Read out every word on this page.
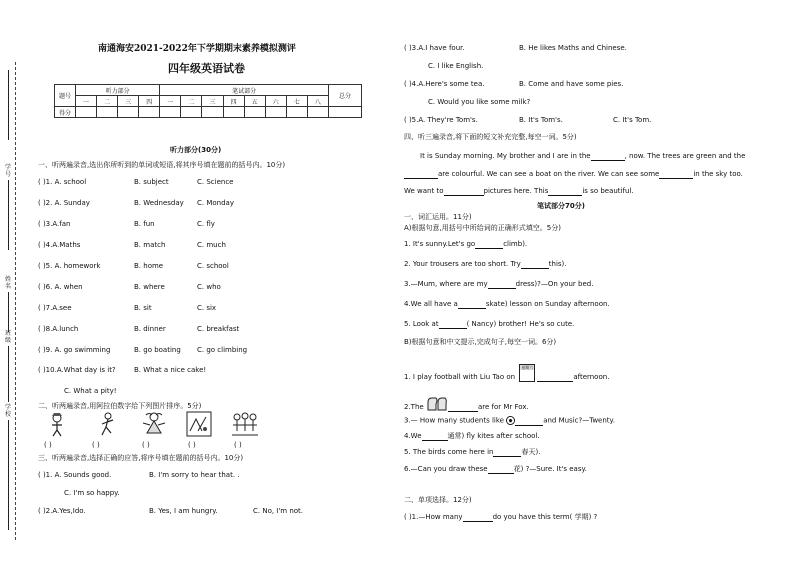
学号
姓名
班级
学校
南通海安2021-2022年下学期期末素养模拟测评
四年级英语试卷
题号	听力部分				笔试部分								总分
	一	二	三	四	一	二	三	四	五	六	七	八	
得分													
听力部分(30分)
一、听两遍录音,选出你所听到的单词或短语,将其序号填在题前的括号内。10分)
( )1. A. school	B. subject	C. Science
( )2. A. Sunday	B. Wednesday C. Monday
( )3.A.fan	B. fun	C. fly
( )4.A.Maths	B. match	C. much
( )5. A. homework	B. home	C. school
( )6. A. when	B. where	C. who
( )7.A.see	B. sit	C. six
( )8.A.lunch	B. dinner	C. breakfast
( )9. A. go swimming	B. go boating C. go climbing
( )10.A.What day is it?	B. What a nice cake!
C. What a pity!
二、听两遍录音,用阿拉伯数字给下列图片排序。5分)
( )	( )	( )	( )	( )
三、听两遍录音,选择正确的应答,将序号填在题前的括号内。10分)
( )1. A. Sounds good.	B. I'm sorry to hear that. .
C. I'm so happy.
( )2.A.Yes,Ido.	B. Yes, I am hungry.	C. No, I'm not.
( )3.A.I have four.	B. He likes Maths and Chinese.
C. I like English.
( )4.A.Here's some tea.	B. Come and have some pies.
C. Would you like some milk?
( )5.A. They're Tom's.	B. It's Tom's.	C. It's Tom.
四、听三遍录音,将下面的短文补充完整,每空一词。5分)
It is Sunday morning. My brother and I are in the	, now. The trees are green and the
are colourful. We can see a boat on the river. We can see some	in the sky too.
We want to	pictures here. This	is so beautiful.
笔试部分70分)
一、词汇运用。11分)
A)根据句意,用括号中所给词的正确形式填空。5分)
1. It's sunny.Let's go	climb).
2. Your trousers are too short. Try	this).
3.—Mum, where are my	dress)?—On your bed.
4.We all have a	skate) lesson on Sunday afternoon.
5. Look at	( Nancy) brother! He's so cute.
B)根据句意和中文提示,完成句子,每空一词。6分)
1. I play football with Liu Tao on
星期六
afternoon.
2.The	are for Mr Fox.
3.— How many students like	and Music?—Twenty.
4.We	通常) fly kites after school.
5. The birds come here in	春天).
6.—Can you draw these	花) ?—Sure. It's easy.
二、单项选择。12分)
( )1.—How many	do you have this term( 学期) ?
